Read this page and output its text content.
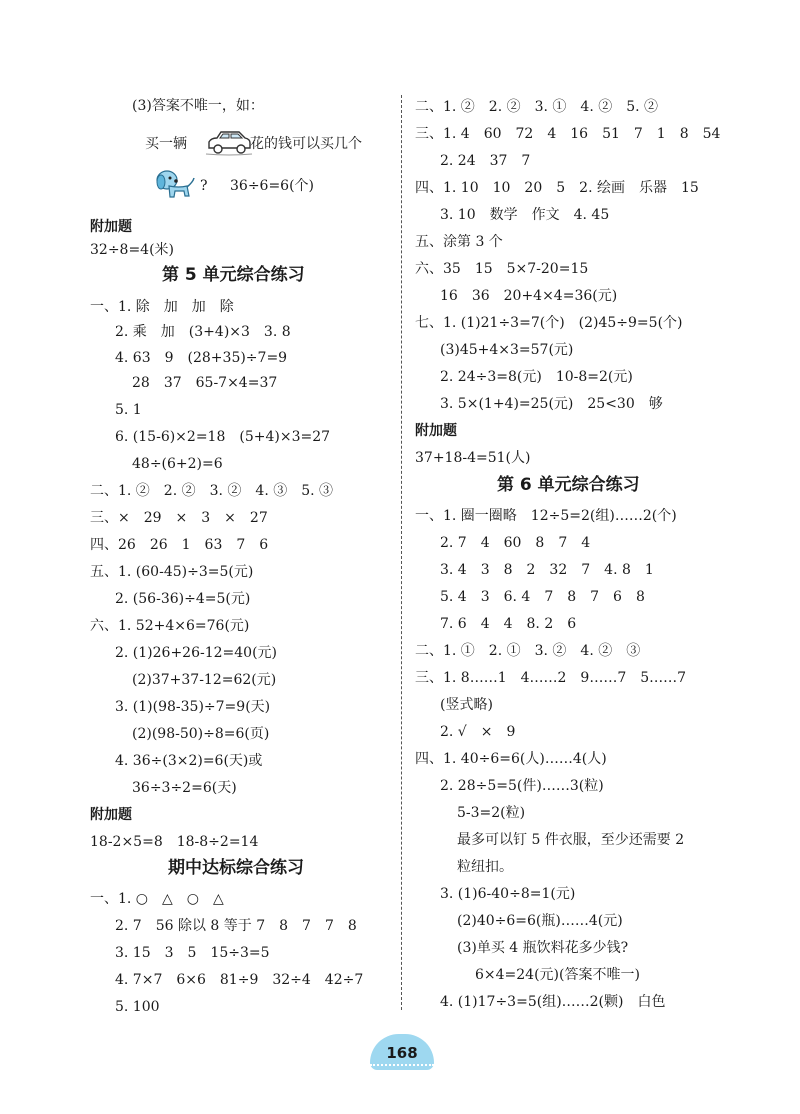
(3)答案不唯一，如：
买一辆	花的钱可以买几个
? 36÷6=6(个)
附加题
32÷8=4(米)
第 5 单元综合练习
一、1. 除　加　加　除
2. 乘　加　(3+4)×3　3. 8
4. 63　9　(28+35)÷7=9
28　37　65-7×4=37
5. 1
6. (15-6)×2=18　(5+4)×3=27
48÷(6+2)=6
二、1. ②　2. ②　3. ②　4. ③　5. ③
三、×　29　×　3　×　27
四、26　26　1　63　7　6
五、1. (60-45)÷3=5(元)
2. (56-36)÷4=5(元)
六、1. 52+4×6=76(元)
2. (1)26+26-12=40(元)
(2)37+37-12=62(元)
3. (1)(98-35)÷7=9(天)
(2)(98-50)÷8=6(页)
4. 36÷(3×2)=6(天)或
36÷3÷2=6(天)
附加题
18-2×5=8　18-8÷2=14
期中达标综合练习
一、1. ○　△　○　△
2. 7　56 除以 8 等于 7　8　7　7　8
3. 15　3　5　15÷3=5
4. 7×7　6×6　81÷9　32÷4　42÷7
5. 100
二、1. ②　2. ②　3. ①　4. ②　5. ②
三、1. 4　60　72　4　16　51　7　1　8　54
2. 24　37　7
四、1. 10　10　20　5　2. 绘画　乐器　15
3. 10　数学　作文　4. 45
五、涂第 3 个
六、35　15　5×7-20=15
16　36　20+4×4=36(元)
七、1. (1)21÷3=7(个)　(2)45÷9=5(个)
(3)45+4×3=57(元)
2. 24÷3=8(元)　10-8=2(元)
3. 5×(1+4)=25(元)　25<30　够
附加题
37+18-4=51(人)
第 6 单元综合练习
一、1. 圈一圈略　12÷5=2(组)……2(个)
2. 7　4　60　8　7　4
3. 4　3　8　2　32　7　4. 8　1
5. 4　3　6. 4　7　8　7　6　8
7. 6　4　4　8. 2　6
二、1. ①　2. ①　3. ②　4. ②　③
三、1. 8……1　4……2　9……7　5……7
(竖式略)
2. √　×　9
四、1. 40÷6=6(人)……4(人)
2. 28÷5=5(件)……3(粒)
5-3=2(粒)
最多可以钉 5 件衣服，至少还需要 2
粒纽扣。
3. (1)6-40÷8=1(元)
(2)40÷6=6(瓶)……4(元)
(3)单买 4 瓶饮料花多少钱?
6×4=24(元)(答案不唯一)
4. (1)17÷3=5(组)……2(颗)　白色
168
